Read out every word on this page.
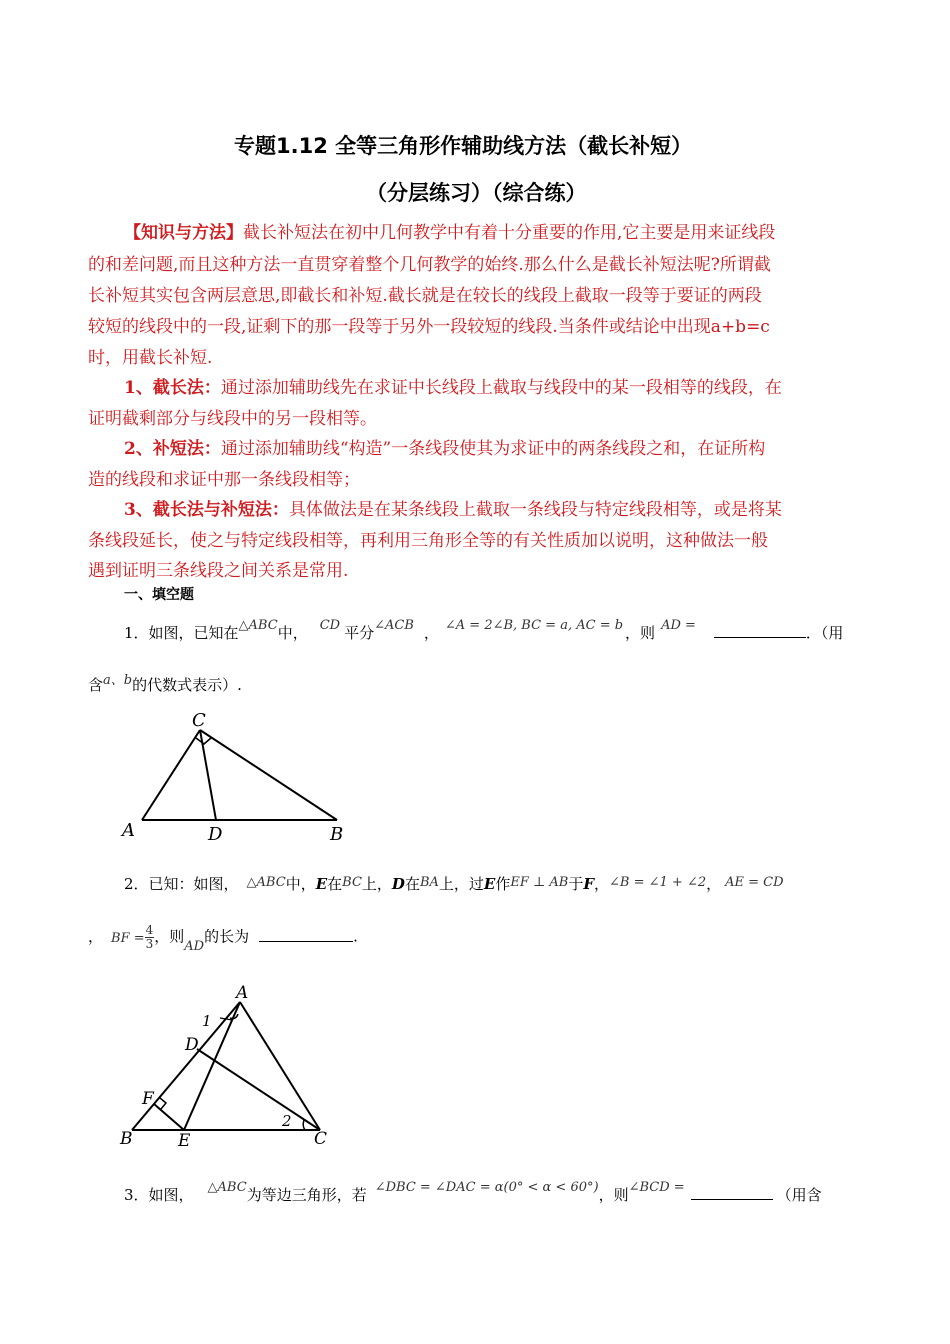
专题1.12 全等三角形作辅助线方法（截长补短）
（分层练习）（综合练）
【知识与方法】截长补短法在初中几何教学中有着十分重要的作用,它主要是用来证线段
的和差问题,而且这种方法一直贯穿着整个几何教学的始终.那么什么是截长补短法呢?所谓截
长补短其实包含两层意思,即截长和补短.截长就是在较长的线段上截取一段等于要证的两段
较短的线段中的一段,证剩下的那一段等于另外一段较短的线段.当条件或结论中出现a+b=c
时，用截长补短.
1、截长法：通过添加辅助线先在求证中长线段上截取与线段中的某一段相等的线段，在
证明截剩部分与线段中的另一段相等。
2、补短法：通过添加辅助线“构造”一条线段使其为求证中的两条线段之和，在证所构
造的线段和求证中那一条线段相等；
3、截长法与补短法：具体做法是在某条线段上截取一条线段与特定线段相等，或是将某
条线段延长，使之与特定线段相等，再利用三角形全等的有关性质加以说明，这种做法一般
遇到证明三条线段之间关系是常用.
一、填空题
1．如图，已知在△ABC中， CD 平分∠ACB ， ∠A = 2∠B, BC = a, AC = b ，则 AD =	．（用
含a、b的代数式表示）.
C
A	D	B
2．已知：如图， △ABC中，E在BC上，D在BA上，过E作EF ⊥ AB于F，∠B = ∠1 + ∠2， AE = CD
， BF = $\frac{4}{3}$ ，则AD的长为	.
A
1
D
F
2
B	E	C
3．如图， △ABC为等边三角形，若 ∠DBC = ∠DAC = α(0° < α < 60°)，则∠BCD =	（用含
